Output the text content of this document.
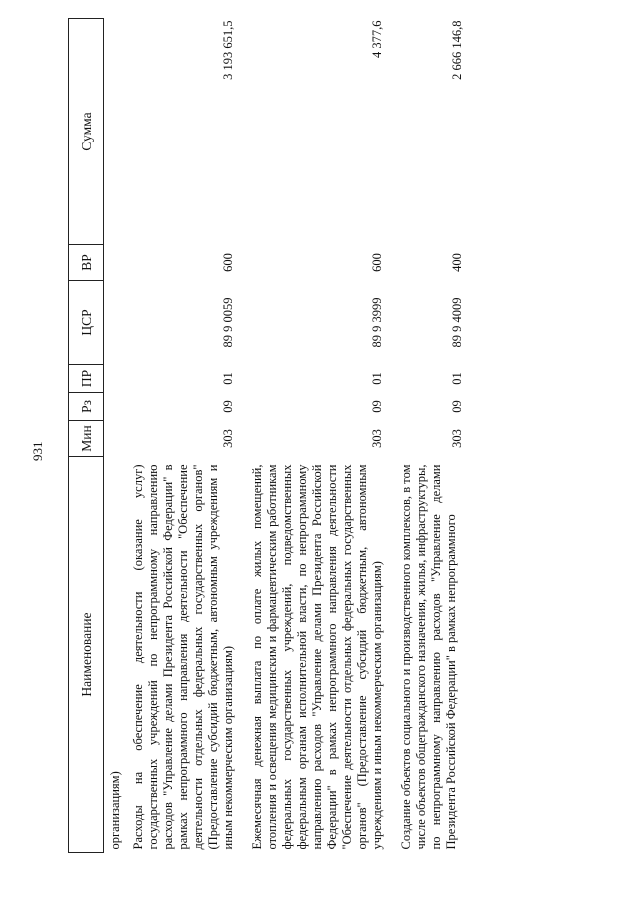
931
Наименование	Мин	Рз	ПР	ЦСР	ВР	Сумма
организациям)						
Расходы на обеспечение деятельности (оказание услуг) государственных учреждений по непрограммному направлению расходов "Управление делами Президента Российской Федерации" в рамках непрограммного направления деятельности "Обеспечение деятельности отдельных федеральных государственных органов" (Предоставление субсидий бюджетным, автономным учреждениям и иным некоммерческим организациям)	303	09	01	89 9 0059	600	3 193 651,5
Ежемесячная денежная выплата по оплате жилых помещений, отопления и освещения медицинским и фармацевтическим работникам федеральных государственных учреждений, подведомственных федеральным органам исполнительной власти, по непрограммному направлению расходов "Управление делами Президента Российской Федерации" в рамках непрограммного направления деятельности "Обеспечение деятельности отдельных федеральных государственных органов" (Предоставление субсидий бюджетным, автономным учреждениям и иным некоммерческим организациям)	303	09	01	89 9 3999	600	4 377,6
Создание объектов социального и производственного комплексов, в том числе объектов общегражданского назначения, жилья, инфраструктуры, по непрограммному направлению расходов "Управление делами Президента Российской Федерации" в рамках непрограммного	303	09	01	89 9 4009	400	2 666 146,8
